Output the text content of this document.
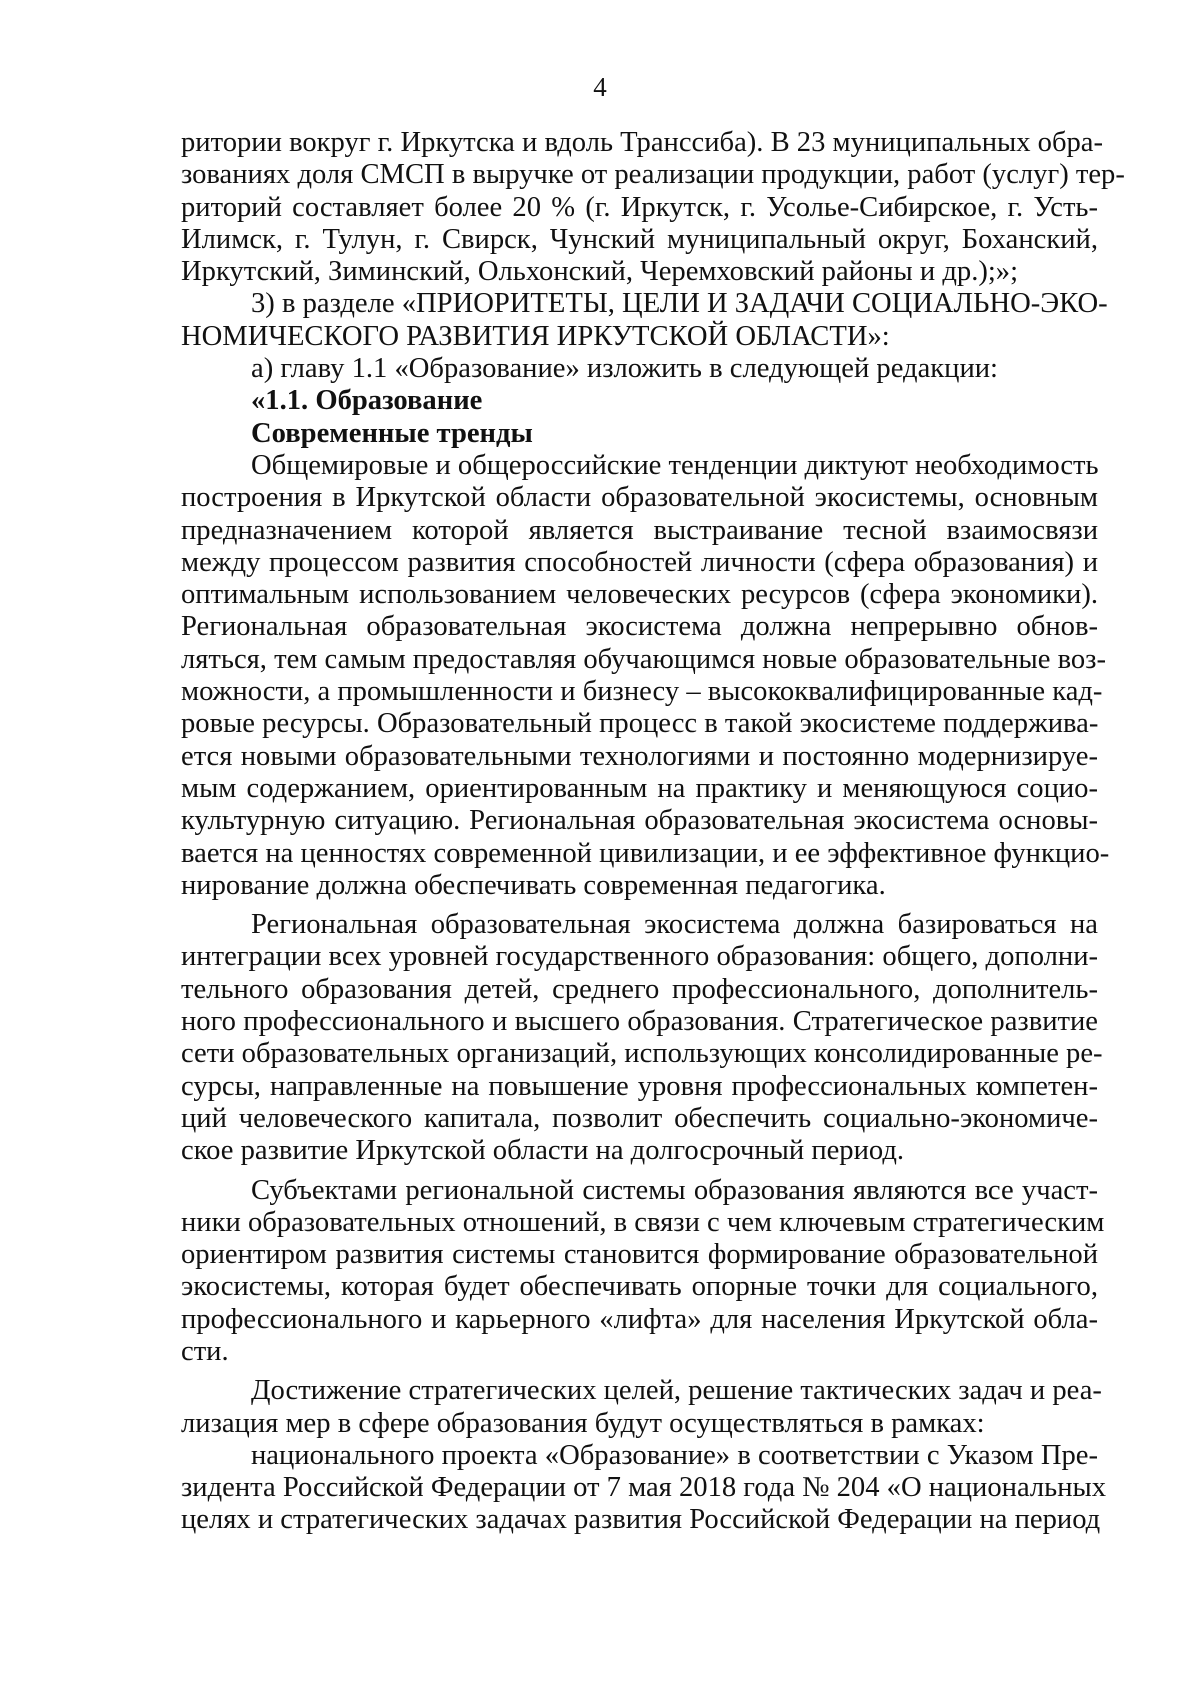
4
ритории вокруг г. Иркутска и вдоль Транссиба). В 23 муниципальных обра-
зованиях доля СМСП в выручке от реализации продукции, работ (услуг) тер-
риторий составляет более 20 % (г. Иркутск, г. Усолье-Сибирское, г. Усть-
Илимск, г. Тулун, г. Свирск, Чунский муниципальный округ, Боханский,
Иркутский, Зиминский, Ольхонский, Черемховский районы и др.);»;
3) в разделе «ПРИОРИТЕТЫ, ЦЕЛИ И ЗАДАЧИ СОЦИАЛЬНО-ЭКО-
НОМИЧЕСКОГО РАЗВИТИЯ ИРКУТСКОЙ ОБЛАСТИ»:
а) главу 1.1 «Образование» изложить в следующей редакции:
«1.1. Образование
Современные тренды
Общемировые и общероссийские тенденции диктуют необходимость
построения в Иркутской области образовательной экосистемы, основным
предназначением которой является выстраивание тесной взаимосвязи
между процессом развития способностей личности (сфера образования) и
оптимальным использованием человеческих ресурсов (сфера экономики).
Региональная образовательная экосистема должна непрерывно обнов-
ляться, тем самым предоставляя обучающимся новые образовательные воз-
можности, а промышленности и бизнесу – высококвалифицированные кад-
ровые ресурсы. Образовательный процесс в такой экосистеме поддержива-
ется новыми образовательными технологиями и постоянно модернизируе-
мым содержанием, ориентированным на практику и меняющуюся социо-
культурную ситуацию. Региональная образовательная экосистема основы-
вается на ценностях современной цивилизации, и ее эффективное функцио-
нирование должна обеспечивать современная педагогика.
Региональная образовательная экосистема должна базироваться на
интеграции всех уровней государственного образования: общего, дополни-
тельного образования детей, среднего профессионального, дополнитель-
ного профессионального и высшего образования. Стратегическое развитие
сети образовательных организаций, использующих консолидированные ре-
сурсы, направленные на повышение уровня профессиональных компетен-
ций человеческого капитала, позволит обеспечить социально-экономиче-
ское развитие Иркутской области на долгосрочный период.
Субъектами региональной системы образования являются все участ-
ники образовательных отношений, в связи с чем ключевым стратегическим
ориентиром развития системы становится формирование образовательной
экосистемы, которая будет обеспечивать опорные точки для социального,
профессионального и карьерного «лифта» для населения Иркутской обла-
сти.
Достижение стратегических целей, решение тактических задач и реа-
лизация мер в сфере образования будут осуществляться в рамках:
национального проекта «Образование» в соответствии с Указом Пре-
зидента Российской Федерации от 7 мая 2018 года № 204 «О национальных
целях и стратегических задачах развития Российской Федерации на период
